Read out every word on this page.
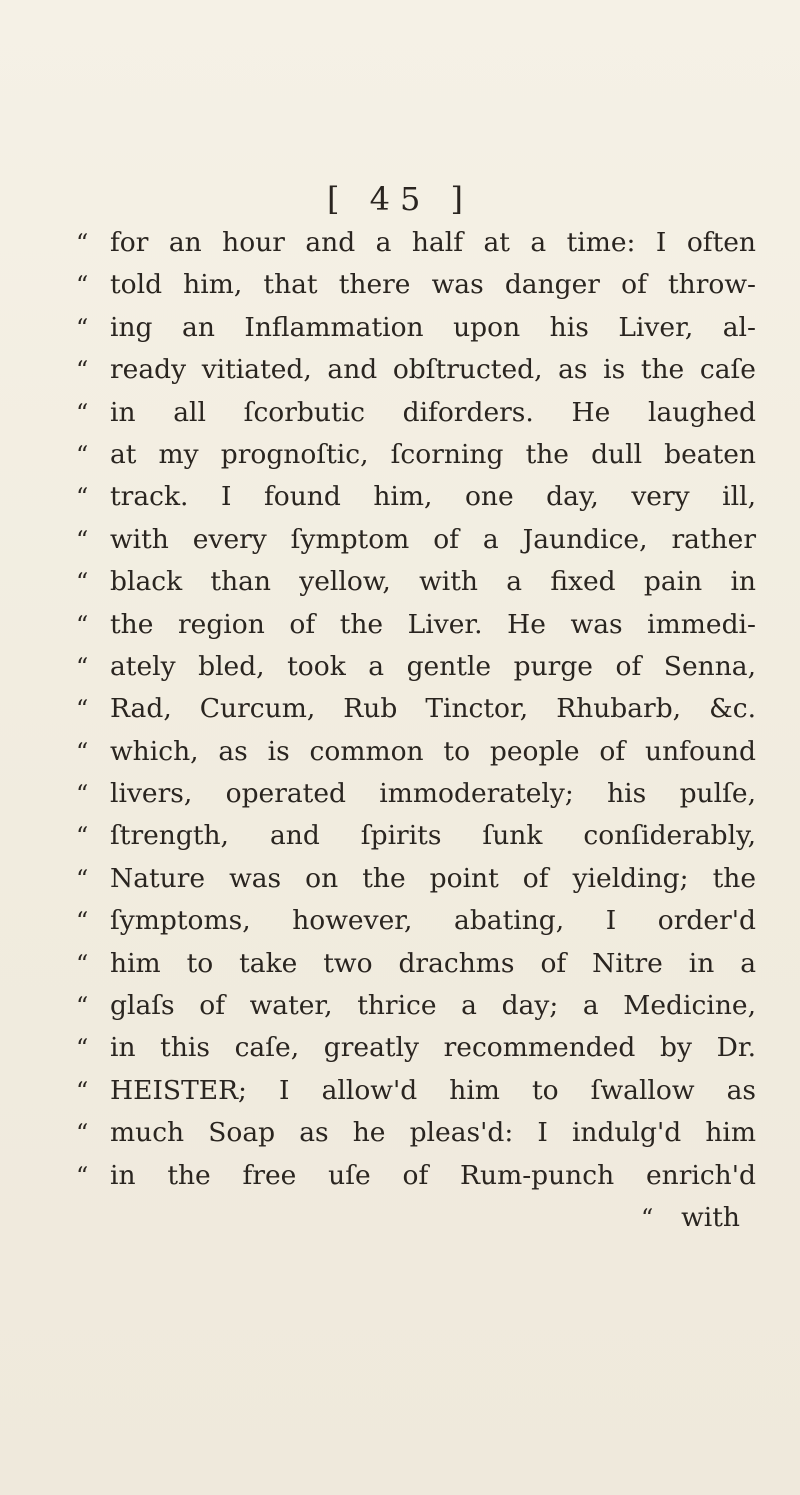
[ 45 ]
“ for an hour and a half at a time: I often
“ told him, that there was danger of throw-
“ ing an Inflammation upon his Liver, al-
“ ready vitiated, and obſtructed, as is the caſe
“ in all ſcorbutic diforders. He laughed
“ at my prognoſtic, ſcorning the dull beaten
“ track. I found him, one day, very ill,
“ with every ſymptom of a Jaundice, rather
“ black than yellow, with a fixed pain in
“ the region of the Liver. He was immedi-
“ ately bled, took a gentle purge of Senna,
“ Rad, Curcum, Rub Tinctor, Rhubarb, &c.
“ which, as is common to people of unfound
“ livers, operated immoderately; his pulſe,
“ ſtrength, and ſpirits ſunk conſiderably,
“ Nature was on the point of yielding; the
“ ſymptoms, however, abating, I order'd
“ him to take two drachms of Nitre in a
“ glaſs of water, thrice a day; a Medicine,
“ in this caſe, greatly recommended by Dr.
“ HEISTER; I allow'd him to ſwallow as
“ much Soap as he pleas'd: I indulg'd him
“ in the free uſe of Rum-punch enrich'd
“	with
